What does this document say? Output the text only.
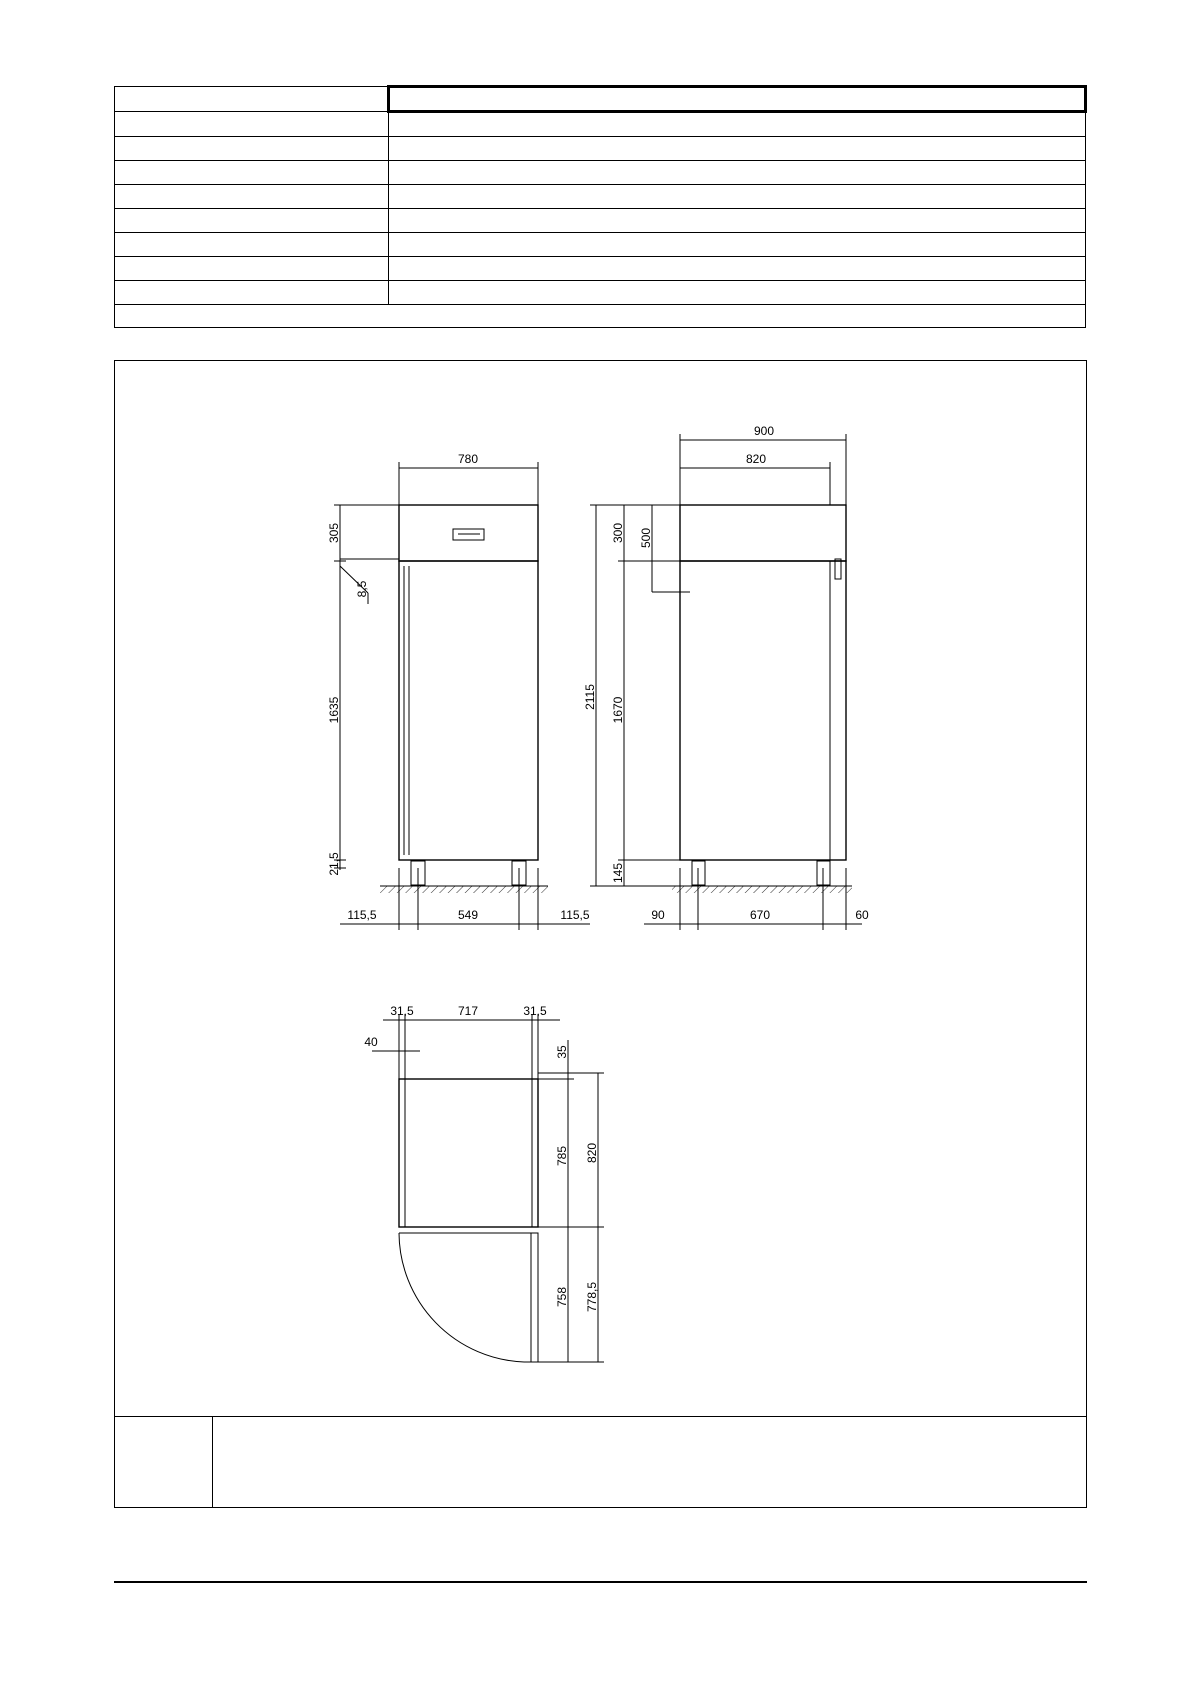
780
305
8,5
1635
21,5
115,5	549	115,5
900
820
300 500
2115 1670
145
90	670	60
31,5	717	31,5
40
35
785 820
758 778,5
